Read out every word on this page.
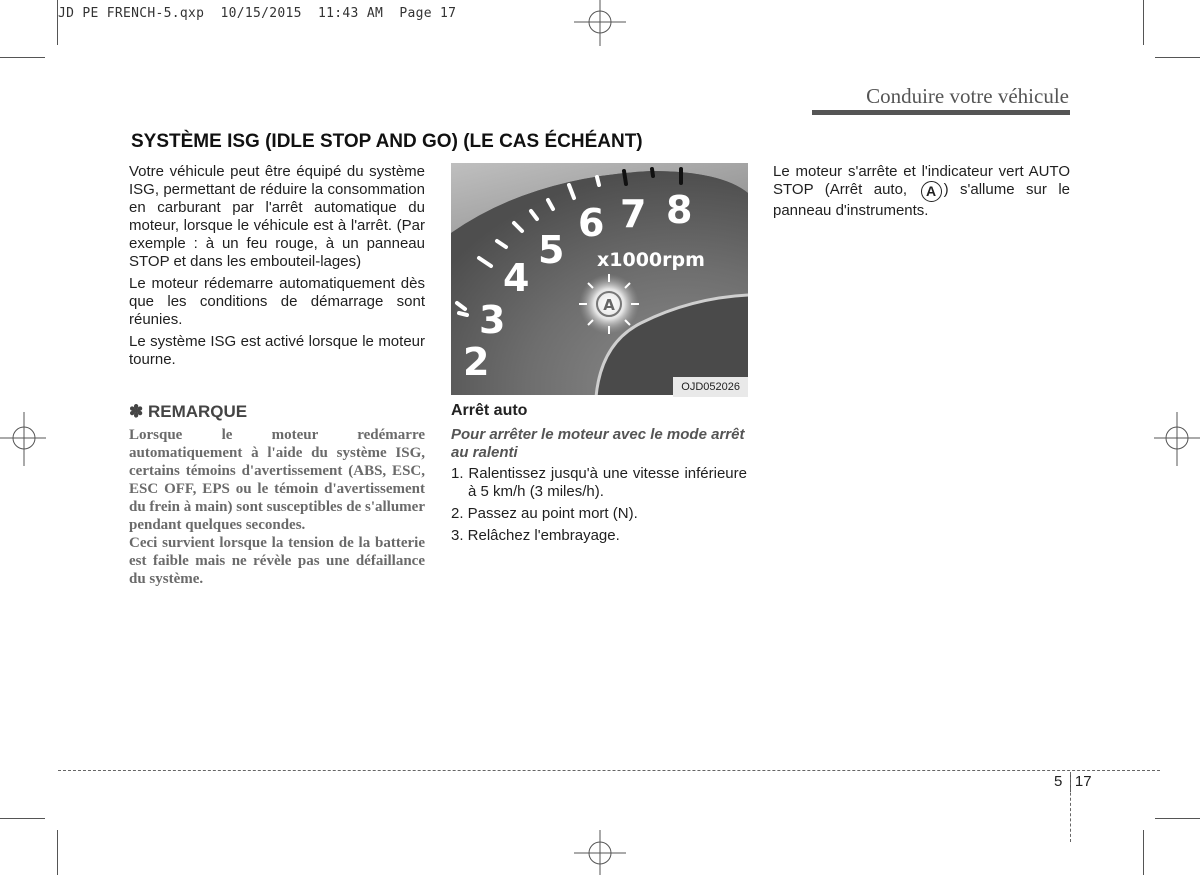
JD PE FRENCH-5.qxp  10/15/2015  11:43 AM  Page 17
Conduire votre véhicule
SYSTÈME ISG (IDLE STOP AND GO) (LE CAS ÉCHÉANT)

Votre véhicule peut être équipé du système ISG, permettant de réduire la consommation en carburant par l'arrêt automatique du moteur, lorsque le véhicule est à l'arrêt. (Par exemple : à un feu rouge, à un panneau STOP et dans les embouteil-lages)

Le moteur rédemarre automatiquement dès que les conditions de démarrage sont réunies.

Le système ISG est activé lorsque le moteur tourne.

✽ REMARQUE

Lorsque le moteur redémarre automatiquement à l'aide du système ISG, certains témoins d'avertissement (ABS, ESC, ESC OFF, EPS ou le témoin d'avertissement du frein à main) sont susceptibles de s'allumer pendant quelques secondes.

Ceci survient lorsque la tension de la batterie est faible mais ne révèle pas une défaillance du système.

2
3
4
5
6 7 8
x1000rpm
A
OJD052026

Arrêt auto

Pour arrêter le moteur avec le mode arrêt au ralenti

1. Ralentissez jusqu'à une vitesse inférieure à 5 km/h (3 miles/h).
2. Passez au point mort (N).
3. Relâchez l'embrayage.

Le moteur s'arrête et l'indicateur vert AUTO STOP (Arrêt auto, A ) s'allume sur le panneau d'instruments.

5 17
